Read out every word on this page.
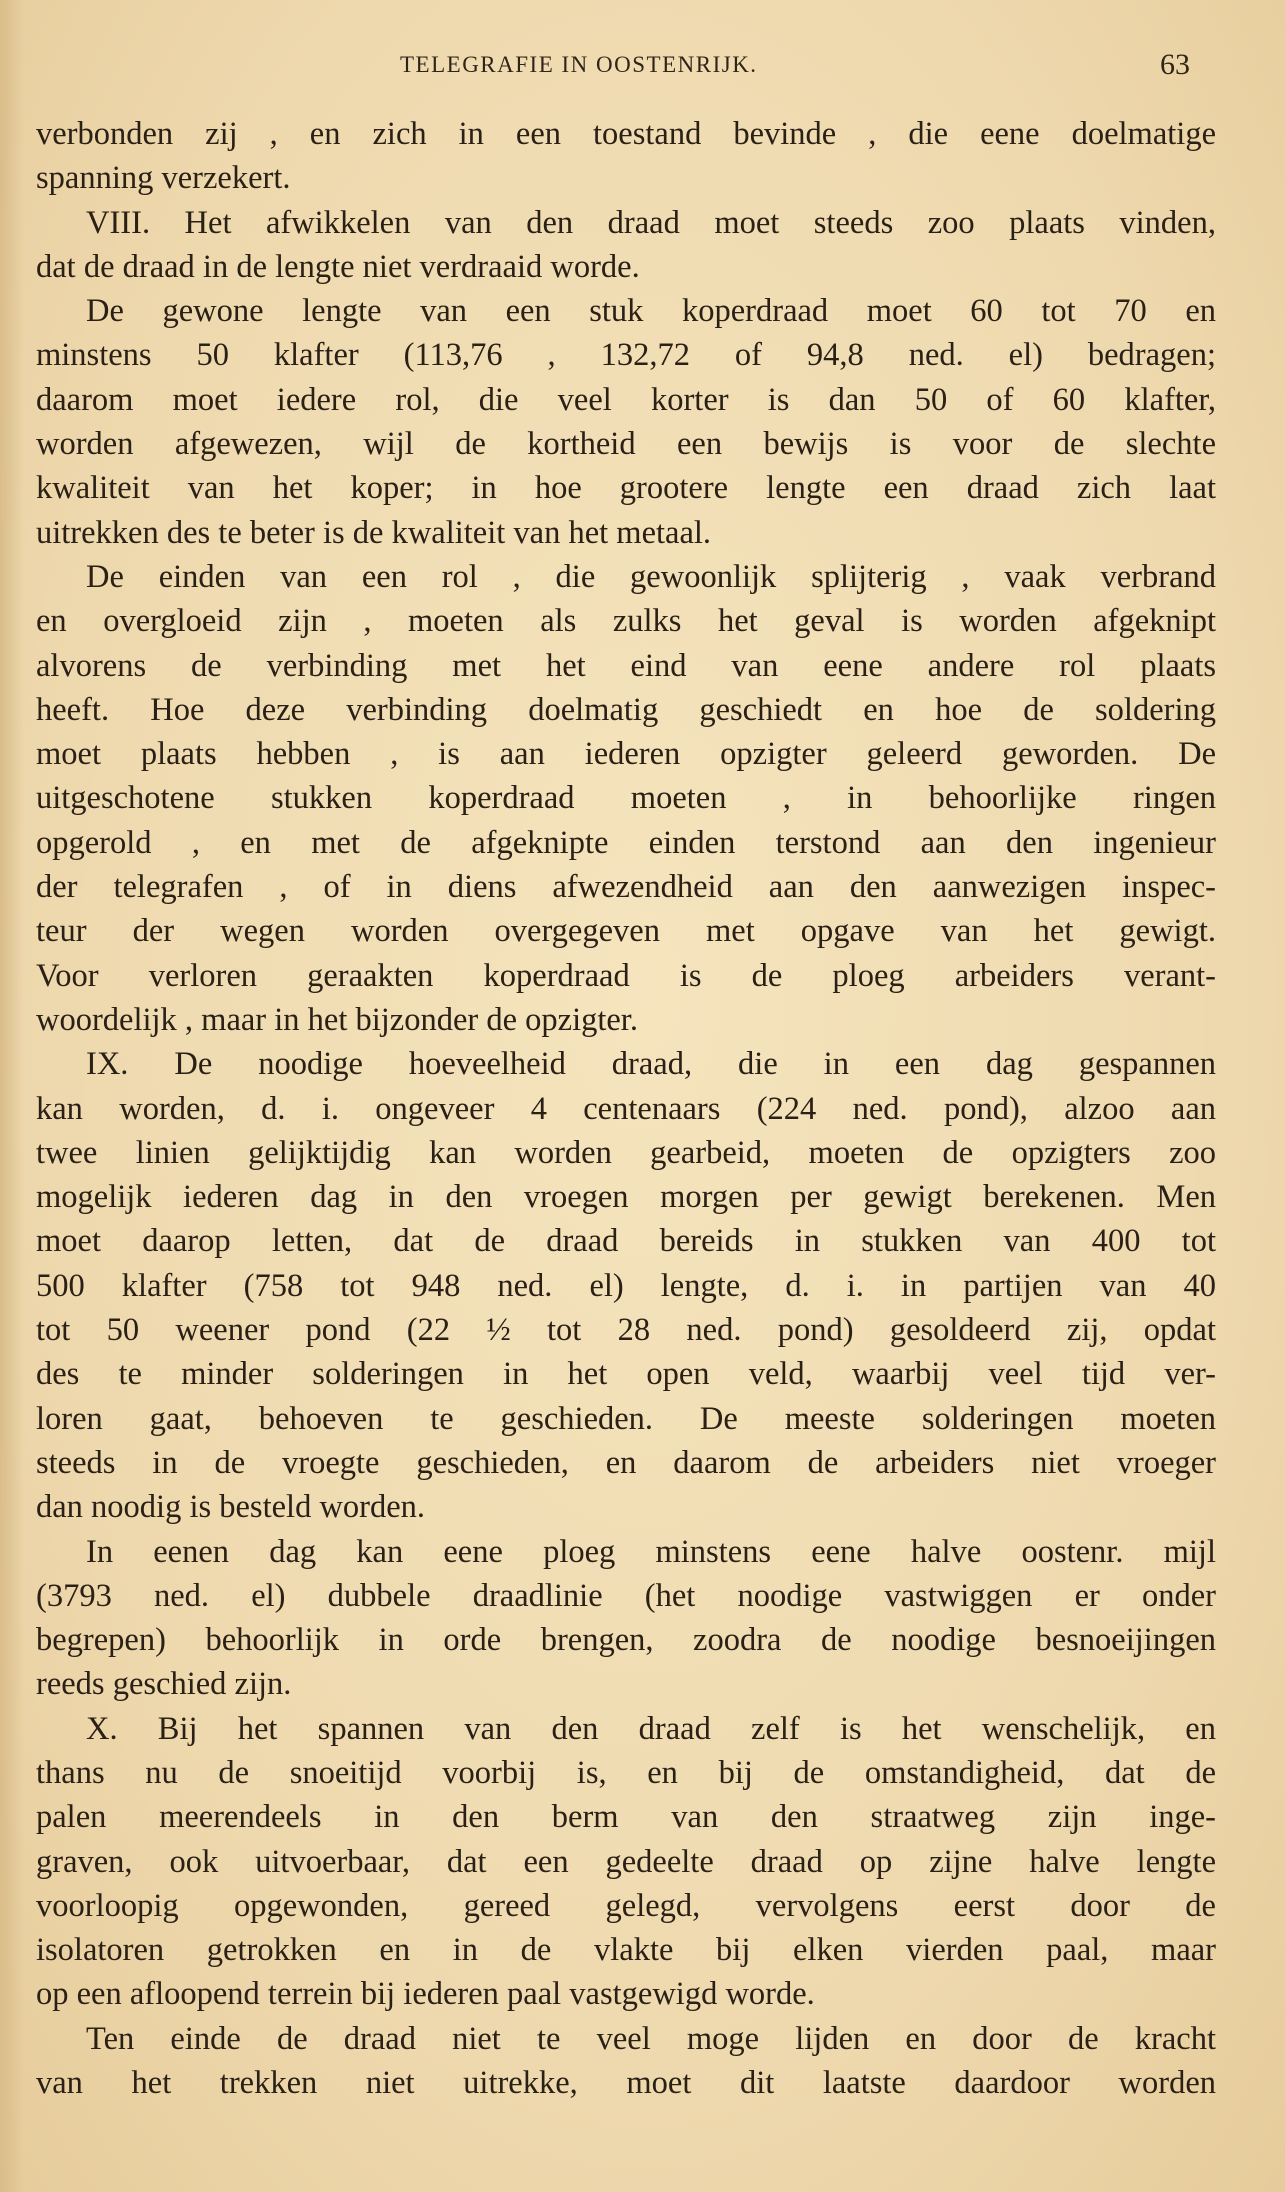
TELEGRAFIE IN OOSTENRIJK.	63
verbonden zij , en zich in een toestand bevinde , die eene doelmatige
spanning verzekert.
VIII. Het afwikkelen van den draad moet steeds zoo plaats vinden,
dat de draad in de lengte niet verdraaid worde.
De gewone lengte van een stuk koperdraad moet 60 tot 70 en
minstens 50 klafter (113,76 , 132,72 of 94,8 ned. el) bedragen;
daarom moet iedere rol, die veel korter is dan 50 of 60 klafter,
worden afgewezen, wijl de kortheid een bewijs is voor de slechte
kwaliteit van het koper; in hoe grootere lengte een draad zich laat
uitrekken des te beter is de kwaliteit van het metaal.
De einden van een rol , die gewoonlijk splijterig , vaak verbrand
en overgloeid zijn , moeten als zulks het geval is worden afgeknipt
alvorens de verbinding met het eind van eene andere rol plaats
heeft. Hoe deze verbinding doelmatig geschiedt en hoe de soldering
moet plaats hebben , is aan iederen opzigter geleerd geworden. De
uitgeschotene stukken koperdraad moeten , in behoorlijke ringen
opgerold , en met de afgeknipte einden terstond aan den ingenieur
der telegrafen , of in diens afwezendheid aan den aanwezigen inspec-
teur der wegen worden overgegeven met opgave van het gewigt.
Voor verloren geraakten koperdraad is de ploeg arbeiders verant-
woordelijk , maar in het bijzonder de opzigter.
IX. De noodige hoeveelheid draad, die in een dag gespannen
kan worden, d. i. ongeveer 4 centenaars (224 ned. pond), alzoo aan
twee linien gelijktijdig kan worden gearbeid, moeten de opzigters zoo
mogelijk iederen dag in den vroegen morgen per gewigt berekenen. Men
moet daarop letten, dat de draad bereids in stukken van 400 tot
500 klafter (758 tot 948 ned. el) lengte, d. i. in partijen van 40
tot 50 weener pond (22 ½ tot 28 ned. pond) gesoldeerd zij, opdat
des te minder solderingen in het open veld, waarbij veel tijd ver-
loren gaat, behoeven te geschieden. De meeste solderingen moeten
steeds in de vroegte geschieden, en daarom de arbeiders niet vroeger
dan noodig is besteld worden.
In eenen dag kan eene ploeg minstens eene halve oostenr. mijl
(3793 ned. el) dubbele draadlinie (het noodige vastwiggen er onder
begrepen) behoorlijk in orde brengen, zoodra de noodige besnoeijingen
reeds geschied zijn.
X. Bij het spannen van den draad zelf is het wenschelijk, en
thans nu de snoeitijd voorbij is, en bij de omstandigheid, dat de
palen meerendeels in den berm van den straatweg zijn inge-
graven, ook uitvoerbaar, dat een gedeelte draad op zijne halve lengte
voorloopig opgewonden, gereed gelegd, vervolgens eerst door de
isolatoren getrokken en in de vlakte bij elken vierden paal, maar
op een afloopend terrein bij iederen paal vastgewigd worde.
Ten einde de draad niet te veel moge lijden en door de kracht
van het trekken niet uitrekke, moet dit laatste daardoor worden
